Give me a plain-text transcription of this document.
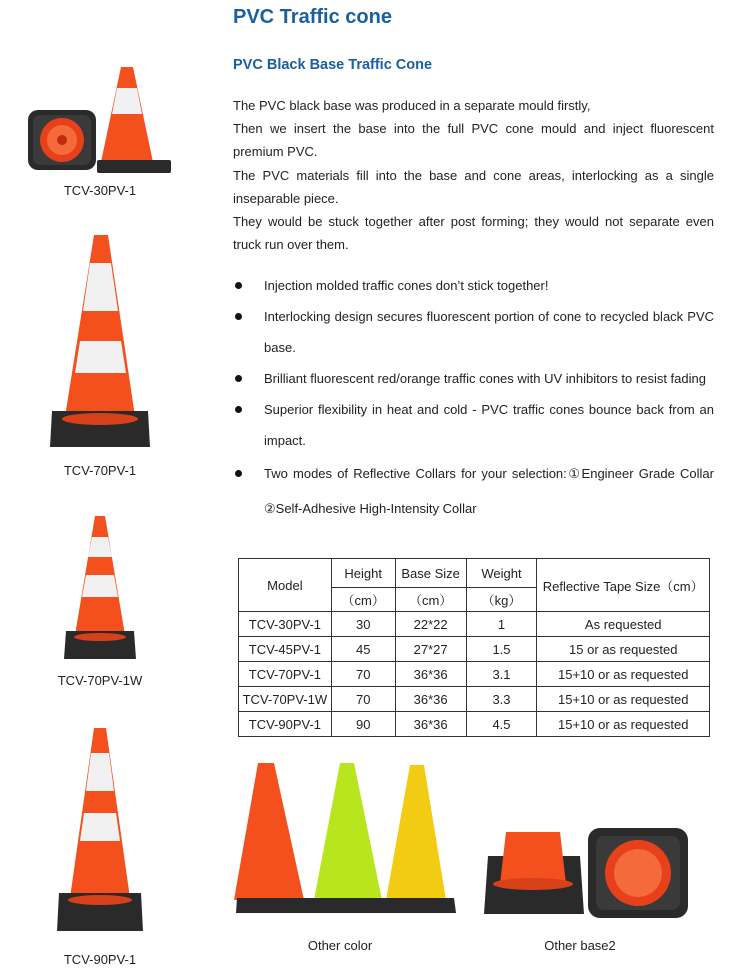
PVC Traffic cone
PVC Black Base Traffic Cone

The PVC black base was produced in a separate mould firstly,

Then we insert the base into the full PVC cone mould and inject fluorescent premium PVC.

The PVC materials fill into the base and cone areas, interlocking as a single inseparable piece.

They would be stuck together after post forming; they would not separate even truck run over them.

Injection molded traffic cones don’t stick together!
Interlocking design secures fluorescent portion of cone to recycled black PVC base.
Brilliant fluorescent red/orange traffic cones with UV inhibitors to resist fading
Superior flexibility in heat and cold - PVC traffic cones bounce back from an impact.
Two modes of Reflective Collars for your selection:①Engineer Grade Collar ②Self-Adhesive High-Intensity Collar
Model	Height	Base Size	Weight	Reflective Tape Size（cm）
	（cm）	（cm）	（kg）	
TCV-30PV-1	30	22*22	1	As requested
TCV-45PV-1	45	27*27	1.5	15 or as requested
TCV-70PV-1	70	36*36	3.1	15+10 or as requested
TCV-70PV-1W	70	36*36	3.3	15+10 or as requested
TCV-90PV-1	90	36*36	4.5	15+10 or as requested
TCV-30PV-1
TCV-70PV-1
TCV-70PV-1W
TCV-90PV-1
Other color	Other base2
